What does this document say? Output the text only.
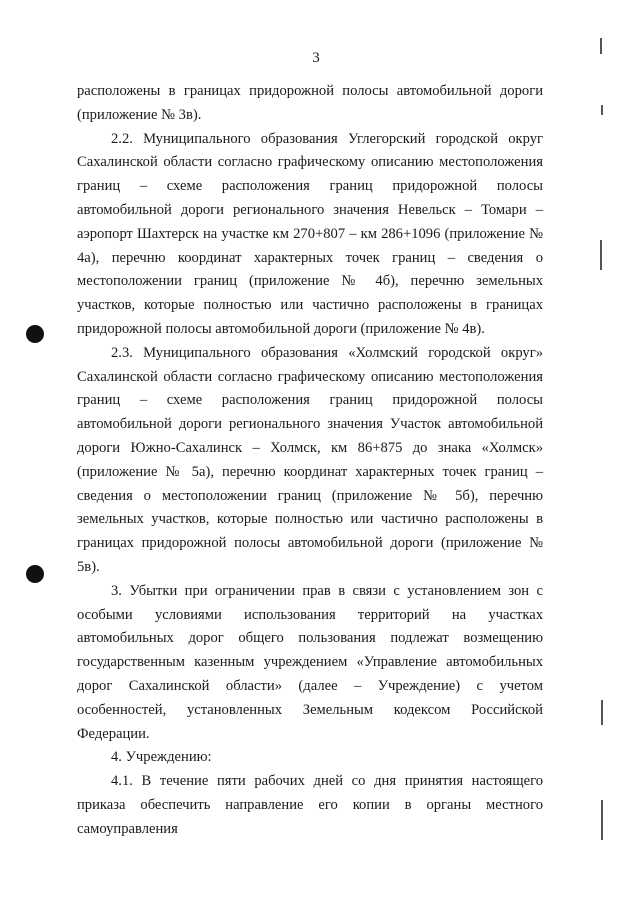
3

расположены в границах придорожной полосы автомобильной дороги (приложение № 3в).

2.2. Муниципального образования Углегорский городской округ Сахалинской области согласно графическому описанию местоположения границ – схеме расположения границ придорожной полосы автомобильной дороги регионального значения Невельск – Томари – аэропорт Шахтерск на участке км 270+807 – км 286+1096 (приложение № 4а), перечню координат характерных точек границ – сведения о местоположении границ (приложение № 4б), перечню земельных участков, которые полностью или частично расположены в границах придорожной полосы автомобильной дороги (приложение № 4в).

2.3. Муниципального образования «Холмский городской округ» Сахалинской области согласно графическому описанию местоположения границ – схеме расположения границ придорожной полосы автомобильной дороги регионального значения Участок автомобильной дороги Южно-Сахалинск – Холмск, км 86+875 до знака «Холмск» (приложение № 5а), перечню координат характерных точек границ – сведения о местоположении границ (приложение № 5б), перечню земельных участков, которые полностью или частично расположены в границах придорожной полосы автомобильной дороги (приложение № 5в).

3. Убытки при ограничении прав в связи с установлением зон с особыми условиями использования территорий на участках автомобильных дорог общего пользования подлежат возмещению государственным казенным учреждением «Управление автомобильных дорог Сахалинской области» (далее – Учреждение) с учетом особенностей, установленных Земельным кодексом Российской Федерации.

4. Учреждению:

4.1. В течение пяти рабочих дней со дня принятия настоящего приказа обеспечить направление его копии в органы местного самоуправления
